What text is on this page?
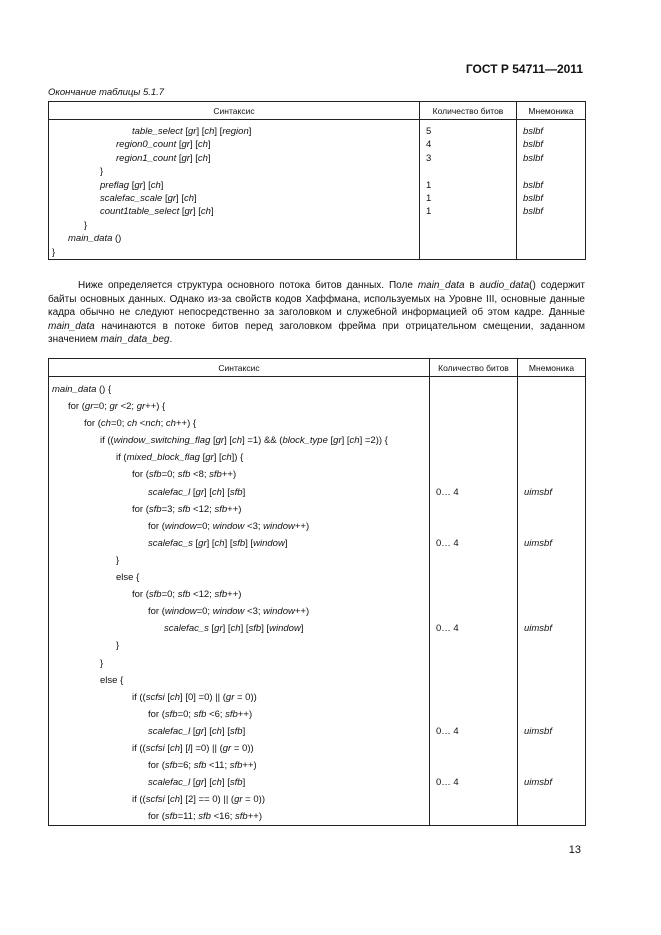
ГОСТ Р 54711—2011
Окончание таблицы 5.1.7
Синтаксис	Количество битов	Мнемоника
table_select [gr] [ch] [region]	5	bslbf
region0_count [gr] [ch]	4	bslbf
region1_count [gr] [ch]	3	bslbf
}		
preflag [gr] [ch]	1	bslbf
scalefac_scale [gr] [ch]	1	bslbf
count1table_select [gr] [ch]	1	bslbf
}		
main_data ()		
}		

Ниже определяется структура основного потока битов данных. Поле main_data в audio_data() содержит байты основных данных. Однако из-за свойств кодов Хаффмана, используемых на Уровне III, основные данные кадра обычно не следуют непосредственно за заголовком и служебной информацией об этом кадре. Данные main_data начинаются в потоке битов перед заголовком фрейма при отрицательном смещении, заданном значением main_data_beg.

Синтаксис	Количество битов	Мнемоника
main_data () {		
for (gr=0; gr <2; gr++) {		
for (ch=0; ch <nch; ch++) {		
if ((window_switching_flag [gr] [ch] =1) && (block_type [gr] [ch] =2)) {		
if (mixed_block_flag [gr] [ch]) {		
for (sfb=0; sfb <8; sfb++)		
scalefac_l [gr] [ch] [sfb]	0… 4	uimsbf
for (sfb=3; sfb <12; sfb++)		
for (window=0; window <3; window++)		
scalefac_s [gr] [ch] [sfb] [window]	0… 4	uimsbf
}		
else {		
for (sfb=0; sfb <12; sfb++)		
for (window=0; window <3; window++)		
scalefac_s [gr] [ch] [sfb] [window]	0… 4	uimsbf
}		
}		
else {		
if ((scfsi [ch] [0] =0) || (gr = 0))		
for (sfb=0; sfb <6; sfb++)		
scalefac_l [gr] [ch] [sfb]	0… 4	uimsbf
if ((scfsi [ch] [l] =0) || (gr = 0))		
for (sfb=6; sfb <11; sfb++)		
scalefac_l [gr] [ch] [sfb]	0… 4	uimsbf
if ((scfsi [ch] [2] == 0) || (gr = 0))		
for (sfb=11; sfb <16; sfb++)		
13
